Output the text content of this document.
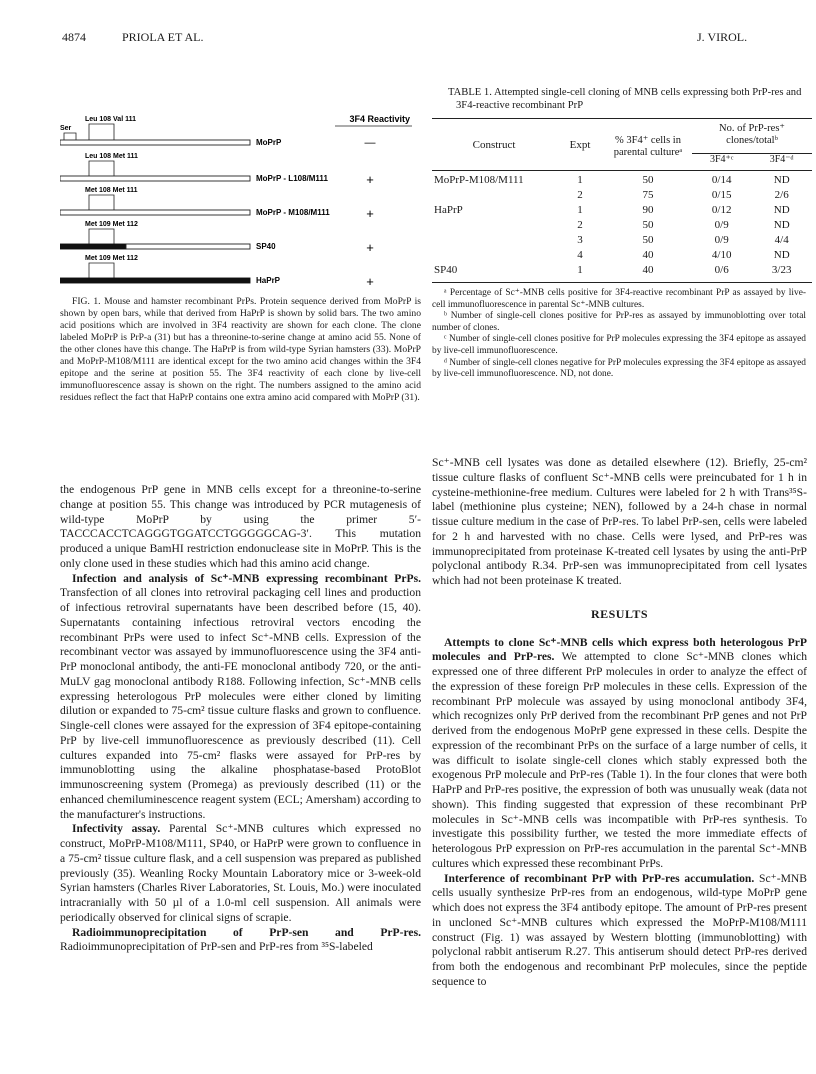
4874	PRIOLA ET AL.	J. VIROL.
3F4 Reactivity
Ser
Leu 108 Val 111
MoPrP	—
Leu 108 Met 111
MoPrP - L108/M111	+
Met 108 Met 111
MoPrP - M108/M111	+
Met 109 Met 112
SP40	+
Met 109 Met 112
HaPrP	+

FIG. 1. Mouse and hamster recombinant PrPs. Protein sequence derived from MoPrP is shown by open bars, while that derived from HaPrP is shown by solid bars. The two amino acid positions which are involved in 3F4 reactivity are shown for each clone. The clone labeled MoPrP is PrP-a (31) but has a threonine-to-serine change at amino acid 55. None of the other clones have this change. The HaPrP is from wild-type Syrian hamsters (33). MoPrP and MoPrP-M108/M111 are identical except for the two amino acid changes within the 3F4 epitope and the serine at position 55. The 3F4 reactivity of each clone by live-cell immunofluorescence assay is shown on the right. The numbers assigned to the amino acid residues reflect the fact that HaPrP contains one extra amino acid compared with MoPrP (31).

the endogenous PrP gene in MNB cells except for a threonine-to-serine change at position 55. This change was introduced by PCR mutagenesis of wild-type MoPrP by using the primer 5′-TACCCACCTCAGGGTGGATCCTGGGGGCAG-3′. This mutation produced a unique BamHI restriction endonuclease site in MoPrP. This is the only clone used in these studies which had this amino acid change.

Infection and analysis of Sc⁺-MNB expressing recombinant PrPs. Transfection of all clones into retroviral packaging cell lines and production of infectious retroviral supernatants have been described before (15, 40). Supernatants containing infectious retroviral vectors encoding the recombinant PrPs were used to infect Sc⁺-MNB cells. Expression of the recombinant vector was assayed by immunofluorescence using the 3F4 anti-PrP monoclonal antibody, the anti-FE monoclonal antibody 720, or the anti-MuLV gag monoclonal antibody R188. Following infection, Sc⁺-MNB cells expressing heterologous PrP molecules were either cloned by limiting dilution or expanded to 75-cm² tissue culture flasks and grown to confluence. Single-cell clones were assayed for the expression of 3F4 epitope-containing PrP by live-cell immunofluorescence as previously described (11). Cell cultures expanded into 75-cm² flasks were assayed for PrP-res by immunoblotting using the alkaline phosphatase-based ProtoBlot immunoscreening system (Promega) as previously described (11) or the enhanced chemiluminescence reagent system (ECL; Amersham) according to the manufacturer's instructions.

Infectivity assay. Parental Sc⁺-MNB cultures which expressed no construct, MoPrP-M108/M111, SP40, or HaPrP were grown to confluence in a 75-cm² tissue culture flask, and a cell suspension was prepared as published previously (35). Weanling Rocky Mountain Laboratory mice or 3-week-old Syrian hamsters (Charles River Laboratories, St. Louis, Mo.) were inoculated intracranially with 50 µl of a 1.0-ml cell suspension. All animals were periodically observed for clinical signs of scrapie.

Radioimmunoprecipitation of PrP-sen and PrP-res. Radioimmunoprecipitation of PrP-sen and PrP-res from ³⁵S-labeled

TABLE 1. Attempted single-cell cloning of MNB cells expressing both PrP-res and 3F4-reactive recombinant PrP
Construct	Expt	% 3F4⁺ cells in parental cultureᵃ	No. of PrP-res⁺ clones/totalᵇ	
			3F4⁺ᶜ	3F4⁻ᵈ
MoPrP-M108/M111	1	50	0/14	ND
	2	75	0/15	2/6
HaPrP	1	90	0/12	ND
	2	50	0/9	ND
	3	50	0/9	4/4
	4	40	4/10	ND
SP40	1	40	0/6	3/23

ᵃ Percentage of Sc⁺-MNB cells positive for 3F4-reactive recombinant PrP as assayed by live-cell immunofluorescence in parental Sc⁺-MNB cultures.

ᵇ Number of single-cell clones positive for PrP-res as assayed by immunoblotting over total number of clones.

ᶜ Number of single-cell clones positive for PrP molecules expressing the 3F4 epitope as assayed by live-cell immunofluorescence.

ᵈ Number of single-cell clones negative for PrP molecules expressing the 3F4 epitope as assayed by live-cell immunofluorescence. ND, not done.

Sc⁺-MNB cell lysates was done as detailed elsewhere (12). Briefly, 25-cm² tissue culture flasks of confluent Sc⁺-MNB cells were preincubated for 1 h in cysteine-methionine-free medium. Cultures were labeled for 2 h with Trans³⁵S-label (methionine plus cysteine; NEN), followed by a 24-h chase in normal tissue culture medium in the case of PrP-res. To label PrP-sen, cells were labeled for 2 h and harvested with no chase. Cells were lysed, and PrP-res was immunoprecipitated from proteinase K-treated cell lysates by using the anti-PrP polyclonal antibody R.34. PrP-sen was immunoprecipitated from cell lysates which had not been proteinase K treated.

RESULTS

Attempts to clone Sc⁺-MNB cells which express both heterologous PrP molecules and PrP-res. We attempted to clone Sc⁺-MNB clones which expressed one of three different PrP molecules in order to analyze the effect of the expression of these foreign PrP molecules in these cells. Expression of the recombinant PrP molecule was assayed by using monoclonal antibody 3F4, which recognizes only PrP derived from the recombinant PrP genes and not PrP derived from the endogenous MoPrP gene expressed in these cells. Despite the expression of the recombinant PrPs on the surface of a large number of cells, it was difficult to isolate single-cell clones which stably expressed both the exogenous PrP molecule and PrP-res (Table 1). In the four clones that were both HaPrP and PrP-res positive, the expression of both was unusually weak (data not shown). This finding suggested that expression of these recombinant PrP molecules in Sc⁺-MNB cells was incompatible with PrP-res synthesis. To investigate this possibility further, we tested the more immediate effects of heterologous PrP expression on PrP-res accumulation in the parental Sc⁺-MNB cultures which expressed these recombinant PrPs.

Interference of recombinant PrP with PrP-res accumulation. Sc⁺-MNB cells usually synthesize PrP-res from an endogenous, wild-type MoPrP gene which does not express the 3F4 antibody epitope. The amount of PrP-res present in uncloned Sc⁺-MNB cultures which expressed the MoPrP-M108/M111 construct (Fig. 1) was assayed by Western blotting (immunoblotting) with polyclonal rabbit antiserum R.27. This antiserum should detect PrP-res derived from both the endogenous and recombinant PrP molecules, since the peptide sequence to
